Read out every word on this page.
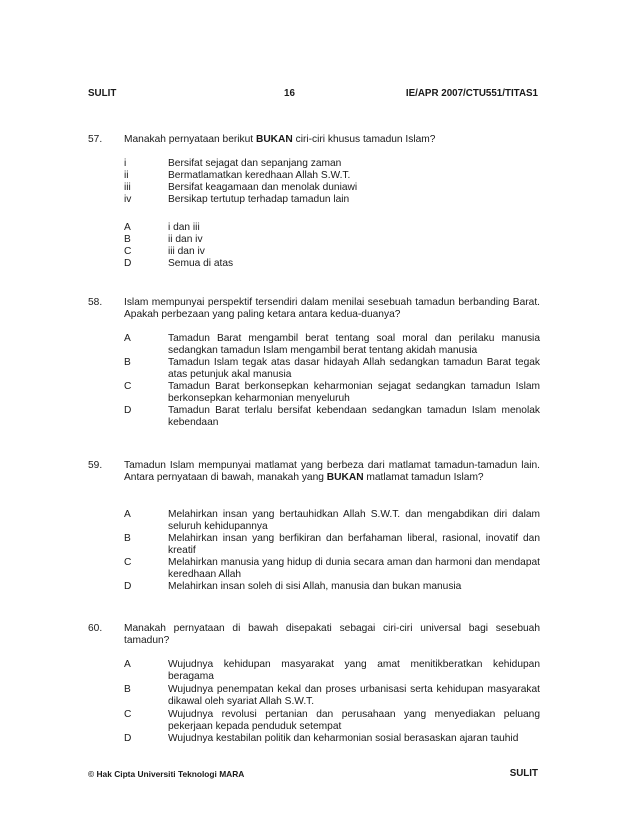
SULIT	16	IE/APR 2007/CTU551/TITAS1
57. Manakah pernyataan berikut BUKAN ciri-ciri khusus tamadun Islam?
i	Bersifat sejagat dan sepanjang zaman
ii	Bermatlamatkan keredhaan Allah S.W.T.
iii	Bersifat keagamaan dan menolak duniawi
iv	Bersikap tertutup terhadap tamadun lain
A	i dan iii
B	ii dan iv
C	iii dan iv
D	Semua di atas
58. Islam mempunyai perspektif tersendiri dalam menilai sesebuah tamadun berbanding Barat. Apakah perbezaan yang paling ketara antara kedua-duanya?
A	Tamadun Barat mengambil berat tentang soal moral dan perilaku manusia sedangkan tamadun Islam mengambil berat tentang akidah manusia
B	Tamadun Islam tegak atas dasar hidayah Allah sedangkan tamadun Barat tegak atas petunjuk akal manusia
C	Tamadun Barat berkonsepkan keharmonian sejagat sedangkan tamadun Islam berkonsepkan keharmonian menyeluruh
D	Tamadun Barat terlalu bersifat kebendaan sedangkan tamadun Islam menolak kebendaan
59. Tamadun Islam mempunyai matlamat yang berbeza dari matlamat tamadun-tamadun lain. Antara pernyataan di bawah, manakah yang BUKAN matlamat tamadun Islam?
A	Melahirkan insan yang bertauhidkan Allah S.W.T. dan mengabdikan diri dalam seluruh kehidupannya
B	Melahirkan insan yang berfikiran dan berfahaman liberal, rasional, inovatif dan kreatif
C	Melahirkan manusia yang hidup di dunia secara aman dan harmoni dan mendapat keredhaan Allah
D	Melahirkan insan soleh di sisi Allah, manusia dan bukan manusia
60. Manakah pernyataan di bawah disepakati sebagai ciri-ciri universal bagi sesebuah tamadun?
A	Wujudnya kehidupan masyarakat yang amat menitikberatkan kehidupan beragama
B	Wujudnya penempatan kekal dan proses urbanisasi serta kehidupan masyarakat dikawal oleh syariat Allah S.W.T.
C	Wujudnya revolusi pertanian dan perusahaan yang menyediakan peluang pekerjaan kepada penduduk setempat
D	Wujudnya kestabilan politik dan keharmonian sosial berasaskan ajaran tauhid
© Hak Cipta Universiti Teknologi MARA	SULIT
